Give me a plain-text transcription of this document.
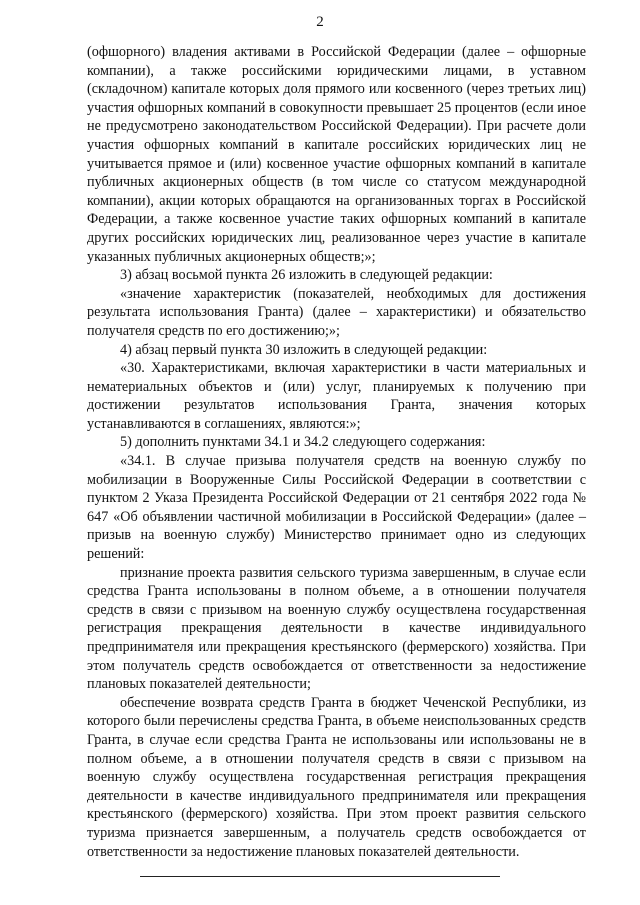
2

(офшорного) владения активами в Российской Федерации (далее – офшорные компании), а также российскими юридическими лицами, в уставном (складочном) капитале которых доля прямого или косвенного (через третьих лиц) участия офшорных компаний в совокупности превышает 25 процентов (если иное не предусмотрено законодательством Российской Федерации). При расчете доли участия офшорных компаний в капитале российских юридических лиц не учитывается прямое и (или) косвенное участие офшорных компаний в капитале публичных акционерных обществ (в том числе со статусом международной компании), акции которых обращаются на организованных торгах в Российской Федерации, а также косвенное участие таких офшорных компаний в капитале других российских юридических лиц, реализованное через участие в капитале указанных публичных акционерных обществ;»;

3) абзац восьмой пункта 26 изложить в следующей редакции:

«значение характеристик (показателей, необходимых для достижения результата использования Гранта) (далее – характеристики) и обязательство получателя средств по его достижению;»;

4) абзац первый пункта 30 изложить в следующей редакции:

«30. Характеристиками, включая характеристики в части материальных и нематериальных объектов и (или) услуг, планируемых к получению при достижении результатов использования Гранта, значения которых устанавливаются в соглашениях, являются:»;

5) дополнить пунктами 34.1 и 34.2 следующего содержания:

«34.1. В случае призыва получателя средств на военную службу по мобилизации в Вооруженные Силы Российской Федерации в соответствии с пунктом 2 Указа Президента Российской Федерации от 21 сентября 2022 года № 647 «Об объявлении частичной мобилизации в Российской Федерации» (далее – призыв на военную службу) Министерство принимает одно из следующих решений:

признание проекта развития сельского туризма завершенным, в случае если средства Гранта использованы в полном объеме, а в отношении получателя средств в связи с призывом на военную службу осуществлена государственная регистрация прекращения деятельности в качестве индивидуального предпринимателя или прекращения крестьянского (фермерского) хозяйства. При этом получатель средств освобождается от ответственности за недостижение плановых показателей деятельности;

обеспечение возврата средств Гранта в бюджет Чеченской Республики, из которого были перечислены средства Гранта, в объеме неиспользованных средств Гранта, в случае если средства Гранта не использованы или использованы не в полном объеме, а в отношении получателя средств в связи с призывом на военную службу осуществлена государственная регистрация прекращения деятельности в качестве индивидуального предпринимателя или прекращения крестьянского (фермерского) хозяйства. При этом проект развития сельского туризма признается завершенным, а получатель средств освобождается от ответственности за недостижение плановых показателей деятельности.
